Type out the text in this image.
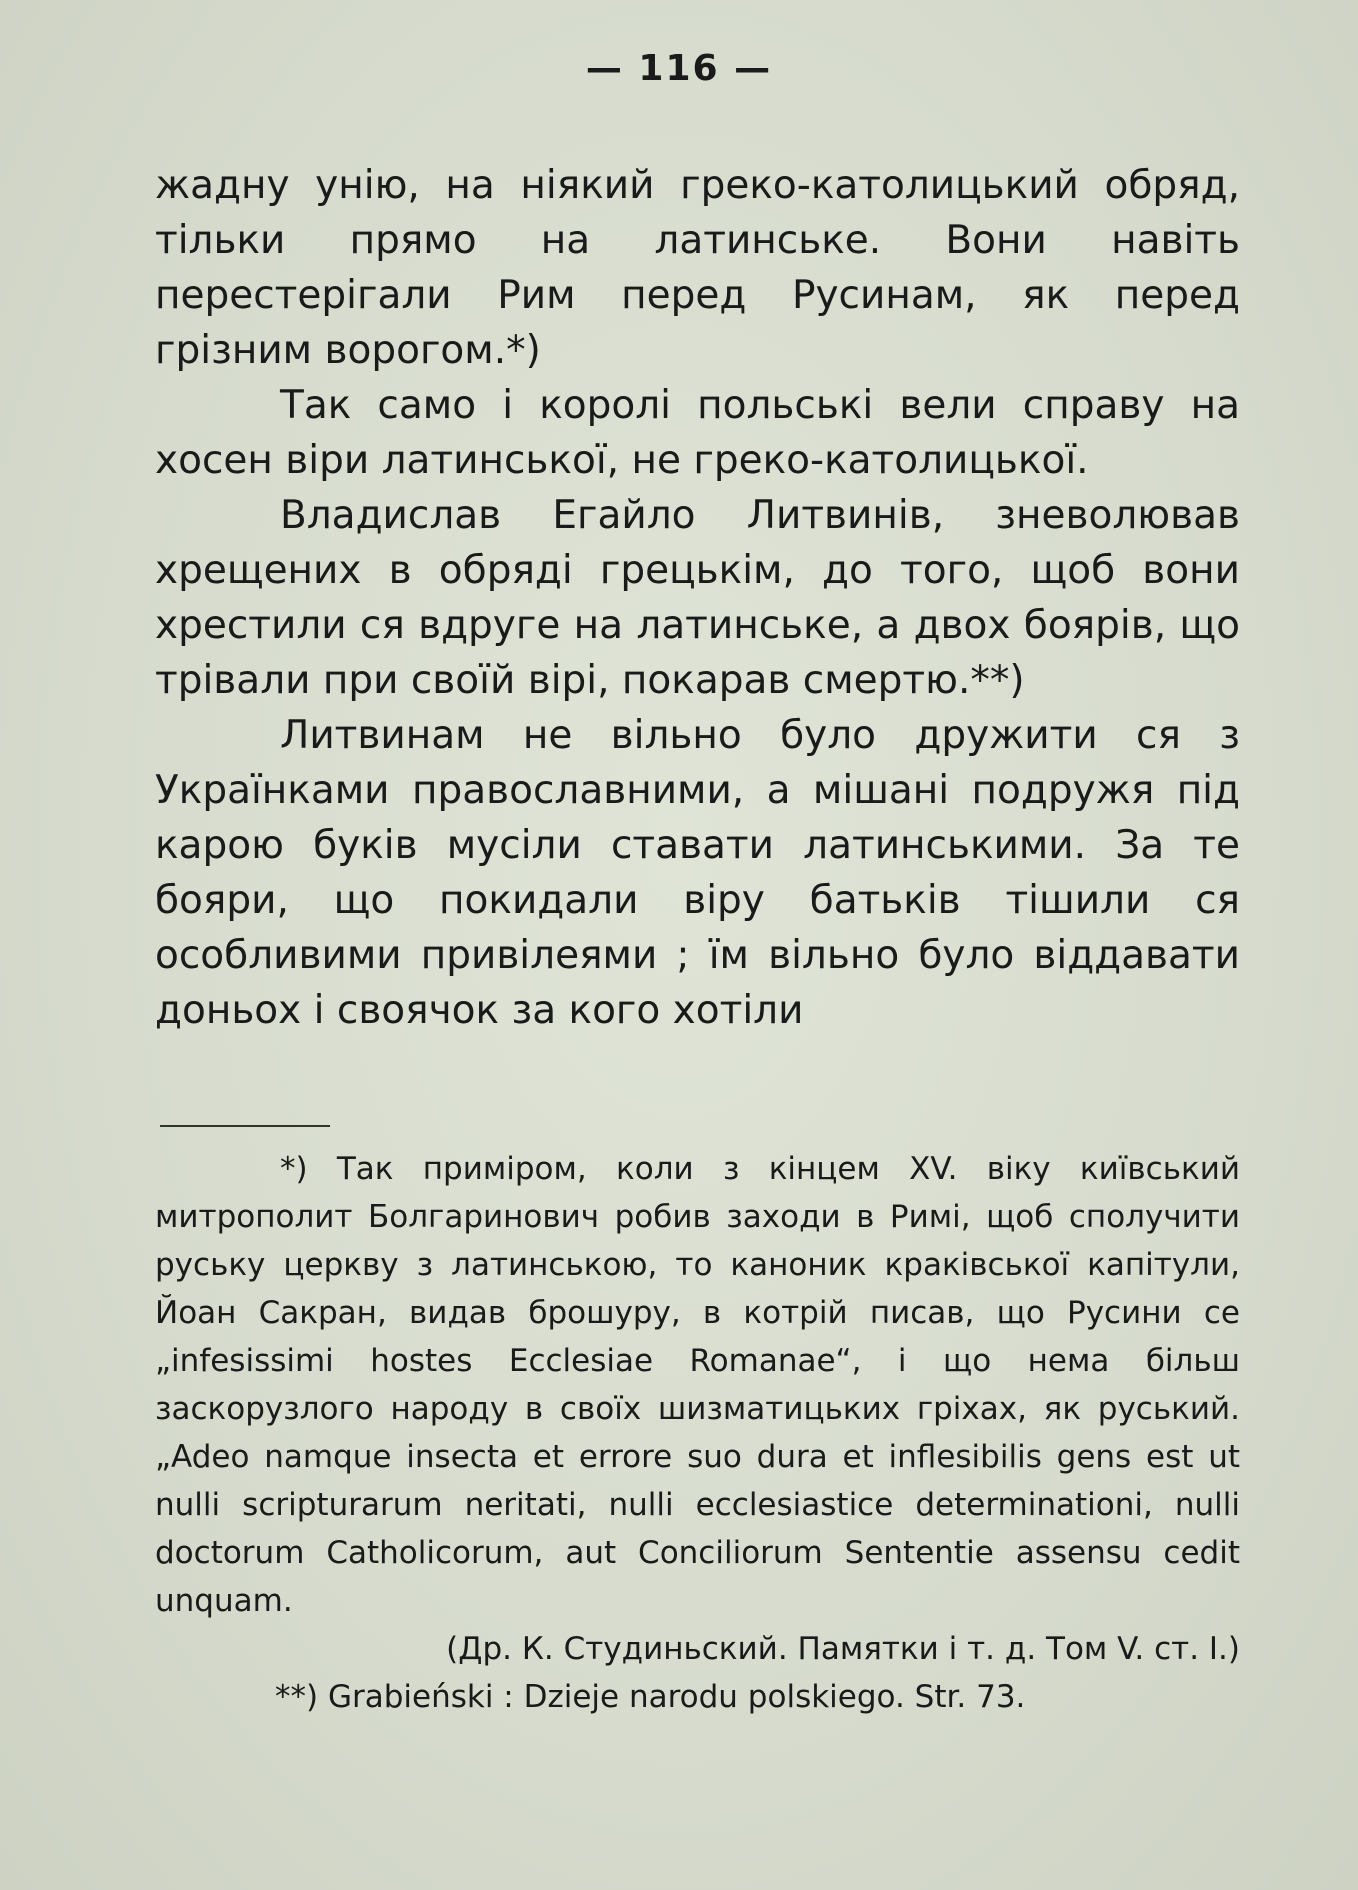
— 116 —

жадну унію, на ніякий греко-католицький обряд, тільки прямо на латинське. Вони навіть перестерігали Рим перед Русинам, як перед грізним ворогом.*)

Так само і королі польські вели справу на хосен віри латинської, не греко-католицької.

Владислав Егайло Литвинів, зневолював хрещених в обряді грецькім, до того, щоб вони хрестили ся вдруге на латинське, а двох боярів, що трівали при своїй вірі, покарав смертю.**)

Литвинам не вільно було дружити ся з Українками православними, а мішані подружя під карою буків мусіли ставати латинськими. За те бояри, що покидали віру батьків тішили ся особливими привілеями ; їм вільно було віддавати доньох і своячок за кого хотіли

*) Так примiром, коли з кінцем XV. віку київський митрополит Болгаринович робив заходи в Римі, щоб сполучити руську церкву з латинською, то каноник краківської капітули, Йоан Сакран, видав брошуру, в котрій писав, що Русини се „infesissimi hostes Ecclesiae Romanae“, і що нема більш заскорузлого народу в своїх шизматицьких гріхах, як руський. „Adeo namque insecta et errore suo dura et inflesibilis gens est ut nulli scripturarum neritati, nulli ecclesiastice determinationi, nulli doctorum Catholicorum, aut Conciliorum Sententie assensu cedit unquam.

(Др. К. Студиньский. Памятки і т. д. Том V. ст. I.)

**) Grabieński : Dzieje narodu polskiego. Str. 73.
